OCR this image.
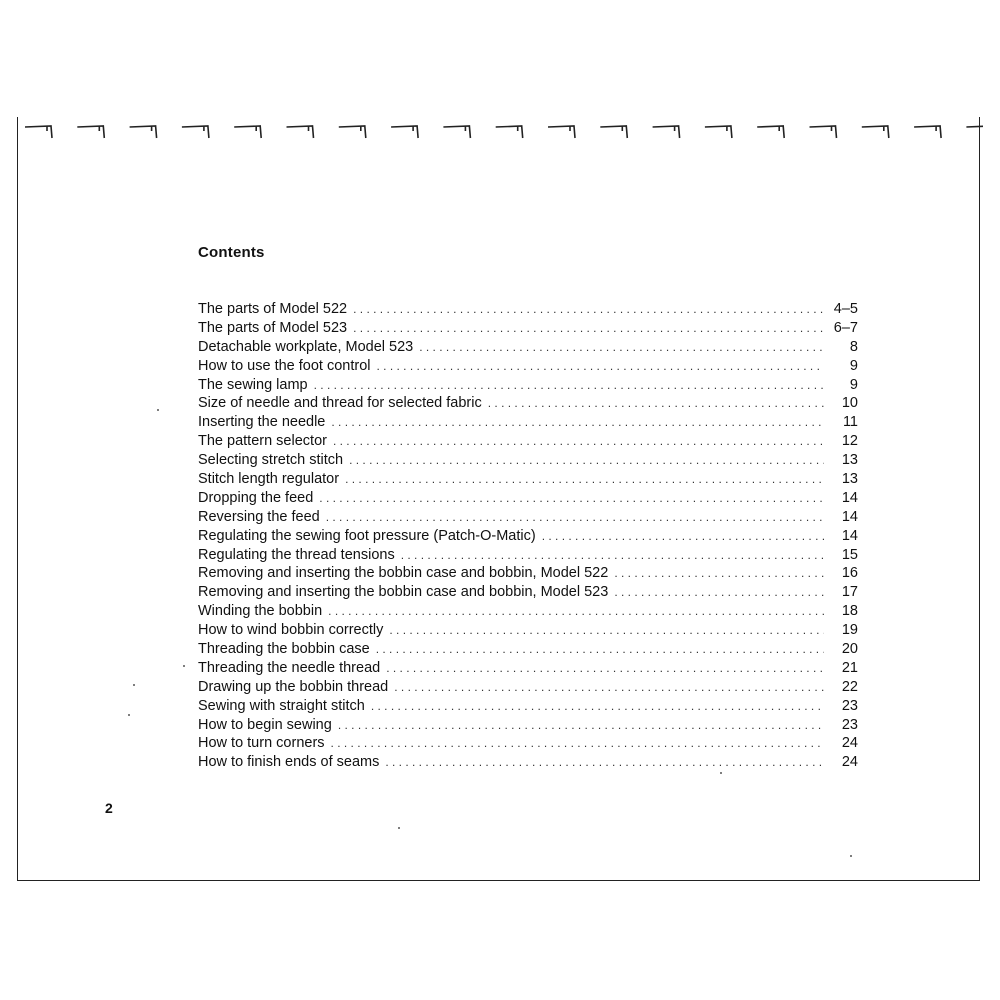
Contents
The parts of Model 522 . . .	4–5
The parts of Model 523 . . .	6–7
Detachable workplate, Model 523 . . .	8
How to use the foot control . . .	9
The sewing lamp . . .	9
Size of needle and thread for selected fabric . . .	10
Inserting the needle . . .	11
The pattern selector . . .	12
Selecting stretch stitch . . .	13
Stitch length regulator . . .	13
Dropping the feed . . .	14
Reversing the feed . . .	14
Regulating the sewing foot pressure (Patch-O-Matic) . . .	14
Regulating the thread tensions . . .	15
Removing and inserting the bobbin case and bobbin, Model 522 . . .	16
Removing and inserting the bobbin case and bobbin, Model 523 . . .	17
Winding the bobbin . . .	18
How to wind bobbin correctly . . .	19
Threading the bobbin case . . .	20
Threading the needle thread . . .	21
Drawing up the bobbin thread . . .	22
Sewing with straight stitch . . .	23
How to begin sewing . . .	23
How to turn corners . . .	24
How to finish ends of seams . . .	24
2
